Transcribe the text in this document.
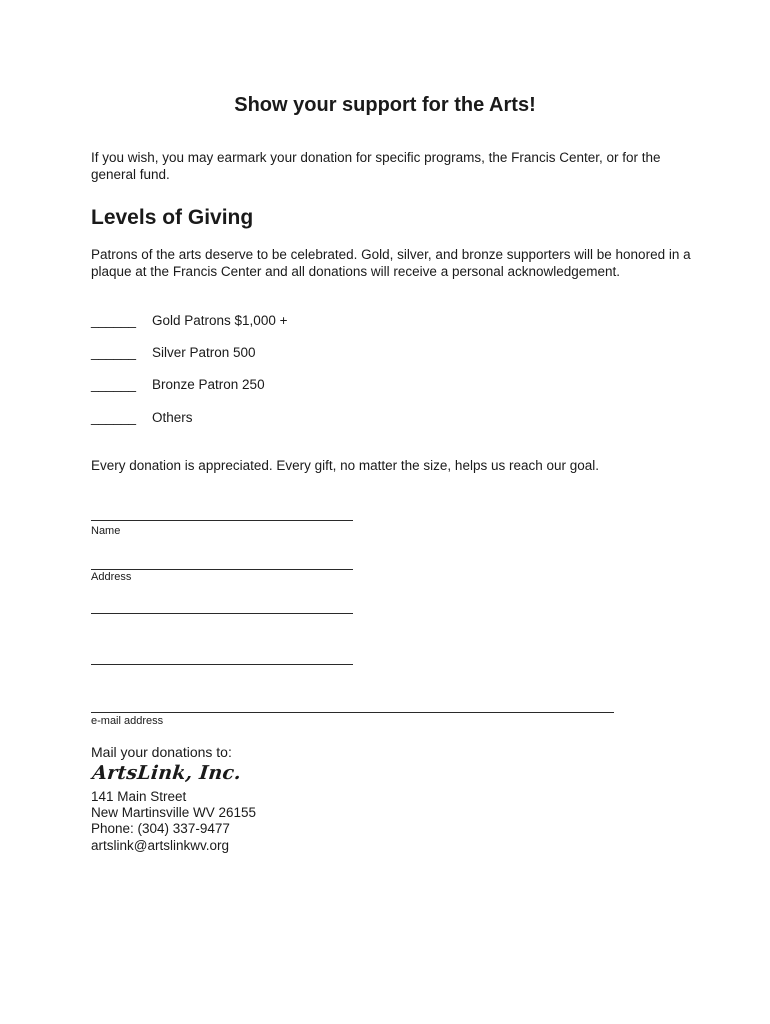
Show your support for the Arts!

If you wish, you may earmark your donation for specific programs, the Francis Center, or for the general fund.

Levels of Giving

Patrons of the arts deserve to be celebrated. Gold, silver, and bronze supporters will be honored in a plaque at the Francis Center and all donations will receive a personal acknowledgement.

______ Gold Patrons $1,000 +
______ Silver Patron 500
______ Bronze Patron 250
______ Others

Every donation is appreciated. Every gift, no matter the size, helps us reach our goal.

Name
Address
e-mail address

Mail your donations to:

ArtsLink, Inc.

141 Main Street

New Martinsville WV 26155

Phone: (304) 337-9477

artslink@artslinkwv.org
